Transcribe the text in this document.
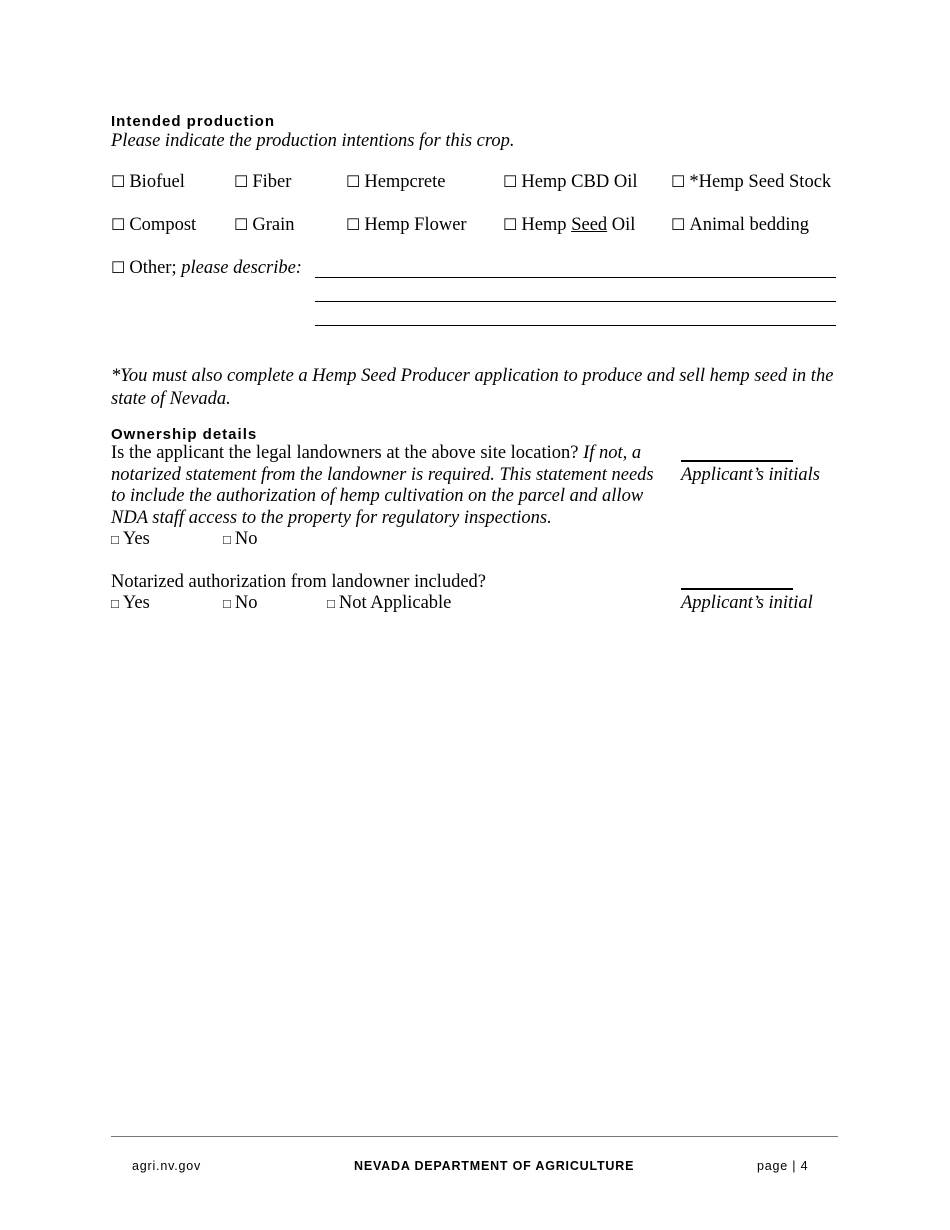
Intended production
Please indicate the production intentions for this crop.
☐ Biofuel	☐ Fiber	☐ Hempcrete	☐ Hemp CBD Oil ☐ *Hemp Seed Stock
☐ Compost ☐ Grain	☐ Hemp Flower ☐ Hemp Seed Oil ☐ Animal bedding
☐ Other; please describe:
*You must also complete a Hemp Seed Producer application to produce and sell hemp seed in the
state of Nevada.
Ownership details
Is the applicant the legal landowners at the above site location? If not, a
notarized statement from the landowner is required. This statement needs
to include the authorization of hemp cultivation on the parcel and allow
NDA staff access to the property for regulatory inspections.
□ Yes	□ No
Applicant’s initials
Notarized authorization from landowner included?
□ Yes	□ No	□ Not Applicable	Applicant’s initial
agri.nv.gov	NEVADA DEPARTMENT OF AGRICULTURE	page | 4
